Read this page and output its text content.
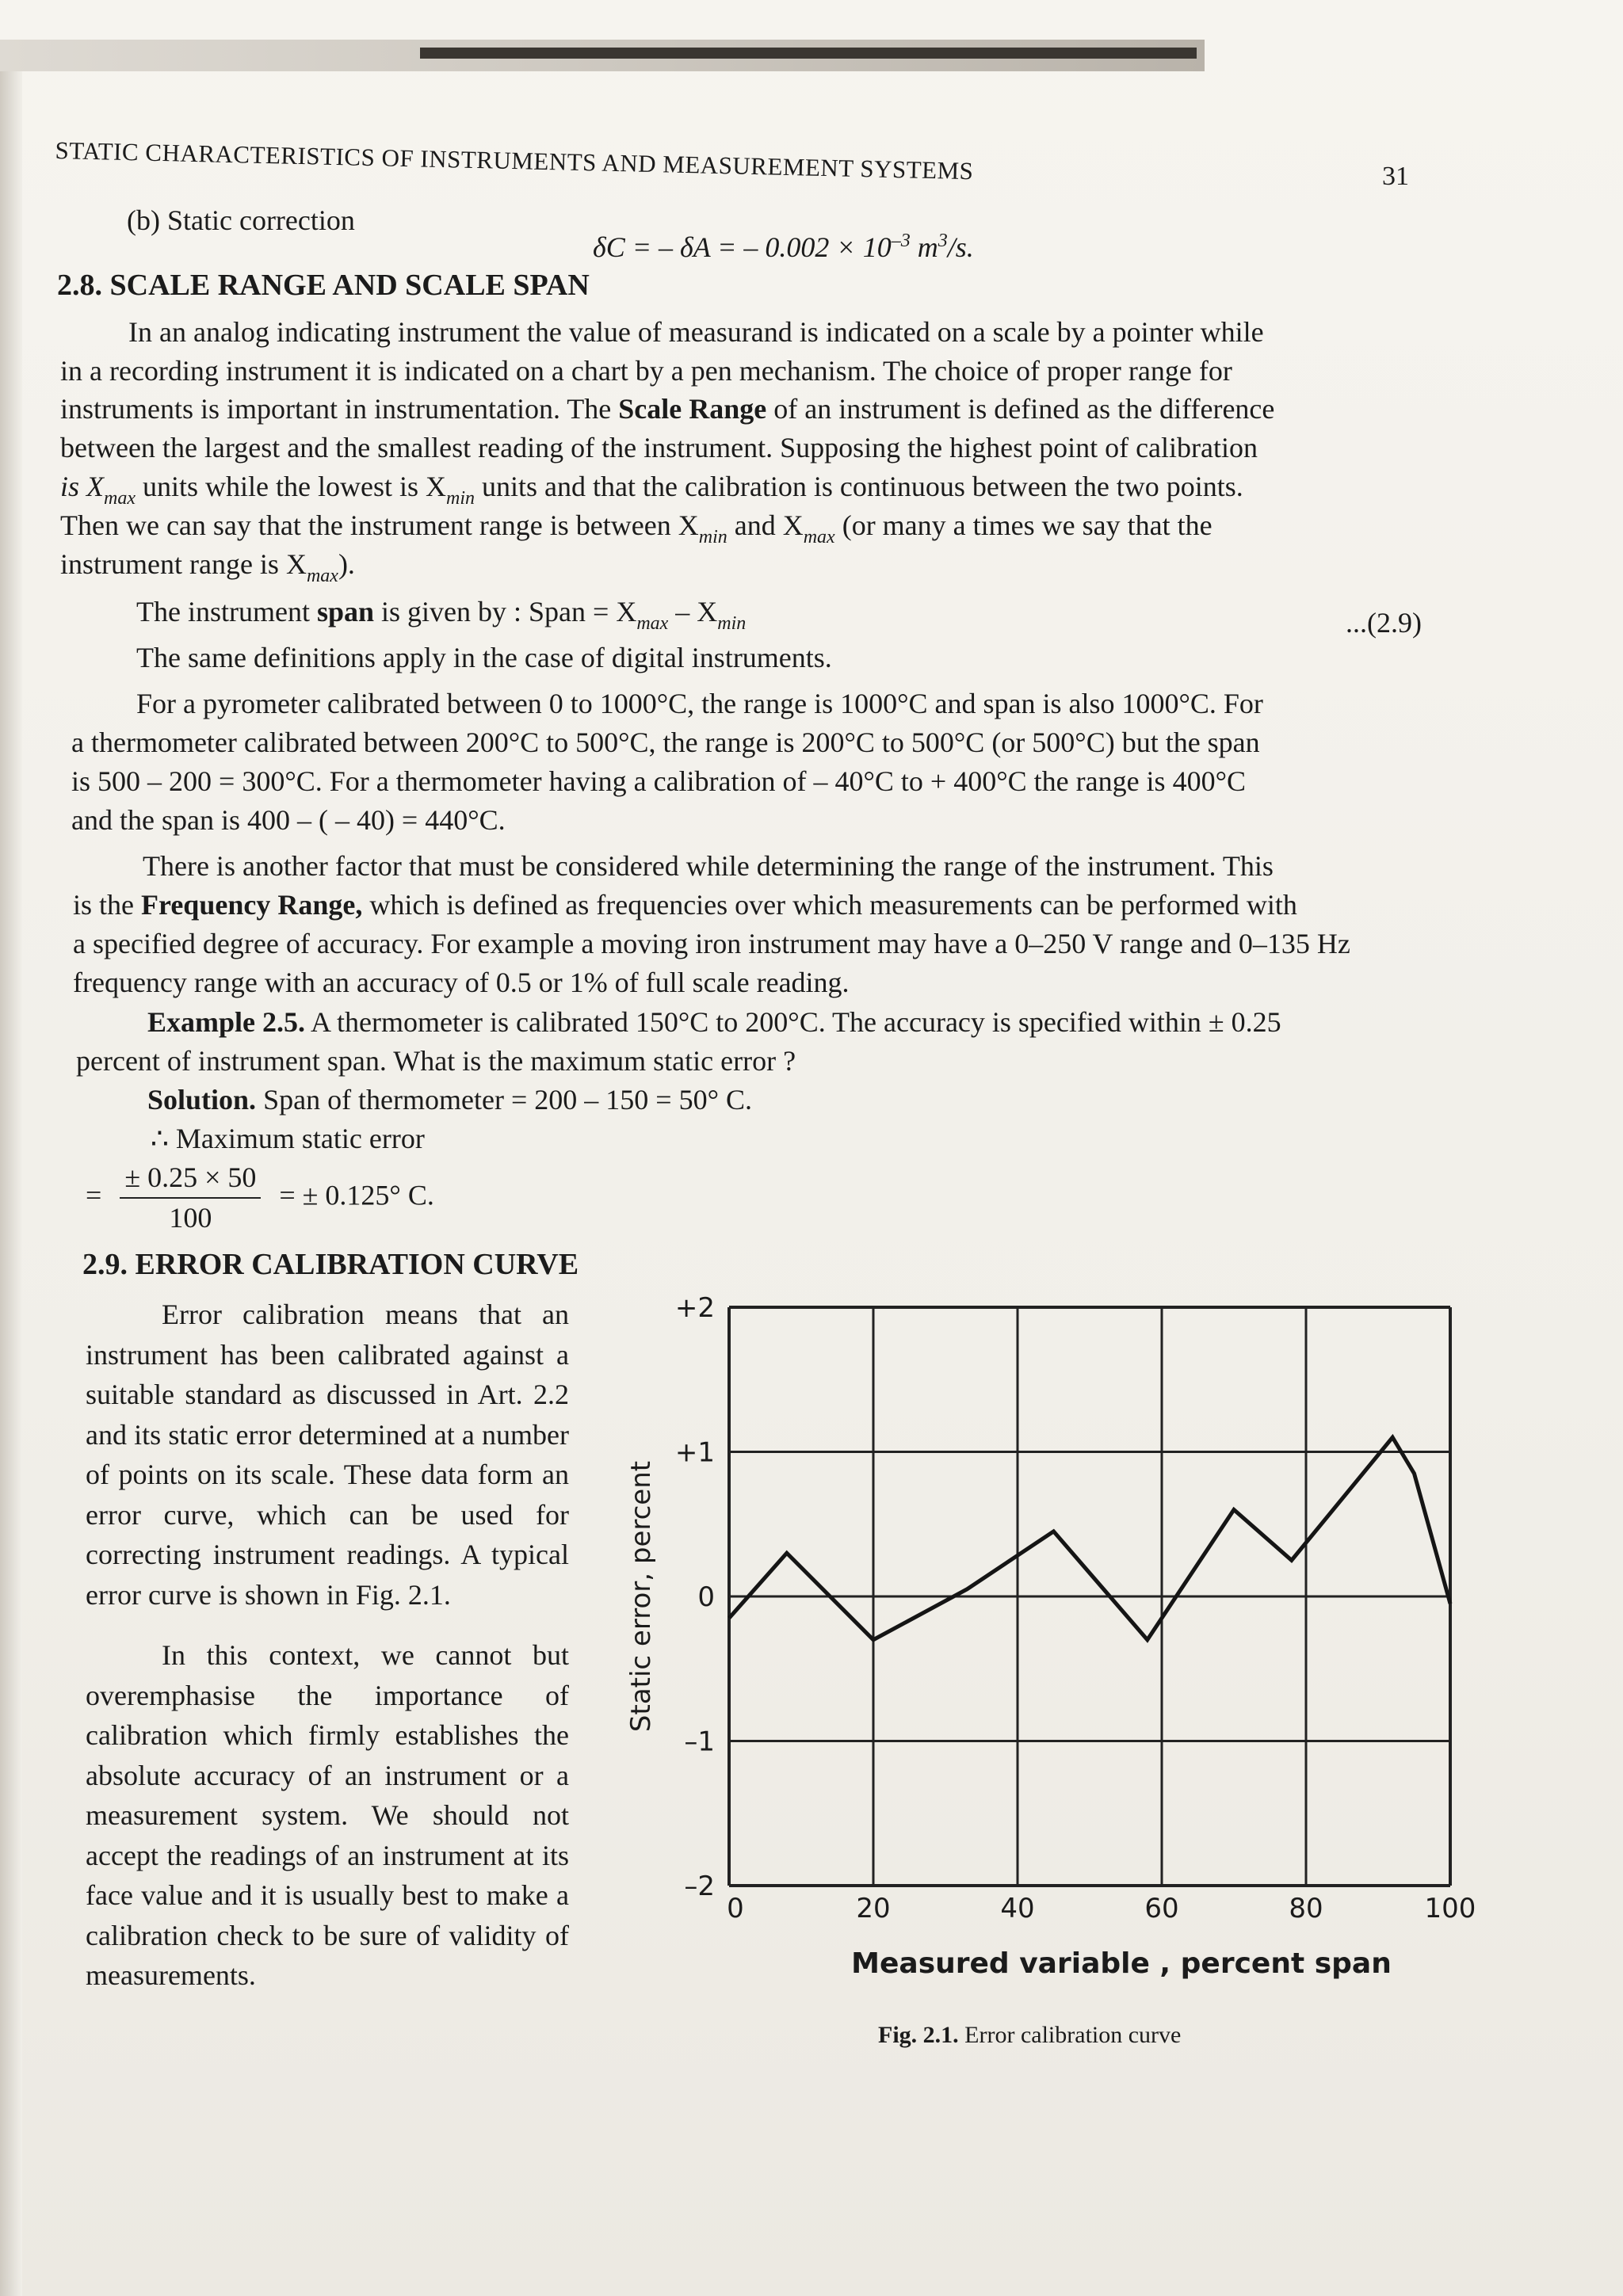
STATIC CHARACTERISTICS OF INSTRUMENTS AND MEASUREMENT SYSTEMS	31
(b) Static correction
δC = – δA = – $0.002 \times 10^{-3}$ $m^3/s$.
2.8. SCALE RANGE AND SCALE SPAN
In an analog indicating instrument the value of measurand is indicated on a scale by a pointer while
in a recording instrument it is indicated on a chart by a pen mechanism. The choice of proper range for
instruments is important in instrumentation. The Scale Range of an instrument is defined as the difference
between the largest and the smallest reading of the instrument. Supposing the highest point of calibration
is $X_{max}$ units while the lowest is $X_{min}$ units and that the calibration is continuous between the two points.
Then we can say that the instrument range is between $X_{min}$ and $X_{max}$ (or many a times we say that the
instrument range is $X_{max}$).
The instrument span is given by : Span = $X_{max} - X_{min}$	...(2.9)
The same definitions apply in the case of digital instruments.
For a pyrometer calibrated between 0 to 1000°C, the range is 1000°C and span is also 1000°C. For
a thermometer calibrated between 200°C to 500°C, the range is 200°C to 500°C (or 500°C) but the span
is 500 – 200 = 300°C. For a thermometer having a calibration of – 40°C to + 400°C the range is 400°C
and the span is 400 – ( – 40) = 440°C.
There is another factor that must be considered while determining the range of the instrument. This
is the Frequency Range, which is defined as frequencies over which measurements can be performed with
a specified degree of accuracy. For example a moving iron instrument may have a 0–250 V range and 0–135 Hz
frequency range with an accuracy of 0.5 or 1% of full scale reading.
Example 2.5. A thermometer is calibrated 150°C to 200°C. The accuracy is specified within ± 0.25
percent of instrument span. What is the maximum static error ?
Solution. Span of thermometer = 200 – 150 = 50° C.
∴ Maximum static error
= $\frac{\pm 0.25 \times 50}{100}$ = ± 0.125° C.
2.9. ERROR CALIBRATION CURVE

Error calibration means that an instrument has been calibrated against a suitable standard as discussed in Art. 2.2 and its static error determined at a number of points on its scale. These data form an error curve, which can be used for correcting instrument readings. A typical error curve is shown in Fig. 2.1.

In this context, we cannot but overemphasise the importance of calibration which firmly establishes the absolute accuracy of an instrument or a measurement system. We should not accept the readings of an instrument at its face value and it is usually best to make a calibration check to be sure of validity of measurements.

+2
+1
0
–1
–2
0	20	40	60	80	100
Static error, percent
Measured variable , percent span
Fig. 2.1. Error calibration curve
